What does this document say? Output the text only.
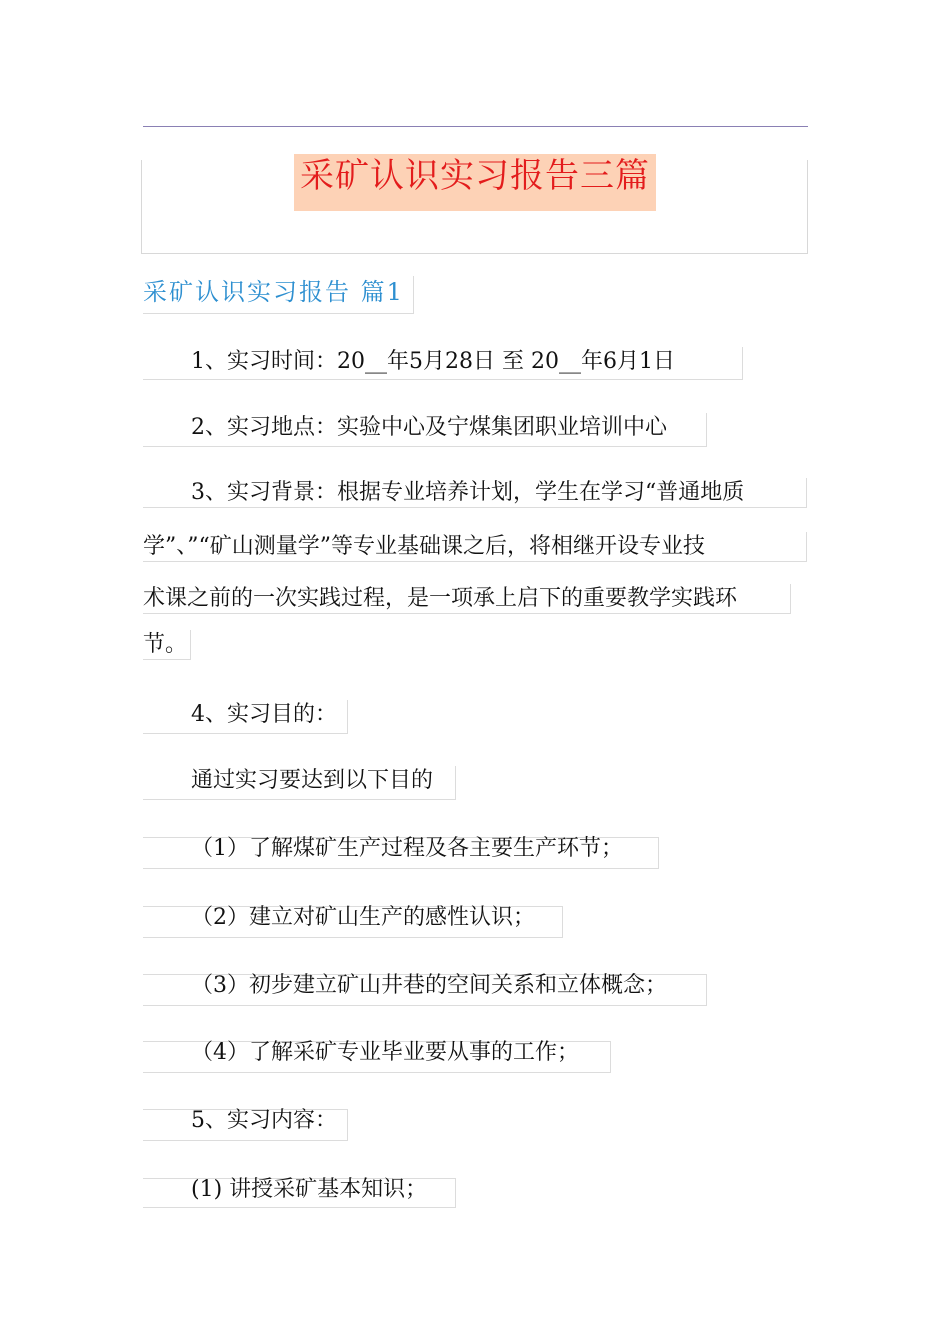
采矿认识实习报告三篇
采矿认识实习报告 篇1
1、实习时间：20__年5月28日 至 20__年6月1日
2、实习地点：实验中心及宁煤集团职业培训中心
3、实习背景：根据专业培养计划，学生在学习“普通地质
学”、”“矿山测量学”等专业基础课之后，将相继开设专业技
术课之前的一次实践过程，是一项承上启下的重要教学实践环
节。
4、实习目的：
通过实习要达到以下目的
（1）了解煤矿生产过程及各主要生产环节；
（2）建立对矿山生产的感性认识；
（3）初步建立矿山井巷的空间关系和立体概念；
（4）了解采矿专业毕业要从事的工作；
5、实习内容：
(1) 讲授采矿基本知识；
